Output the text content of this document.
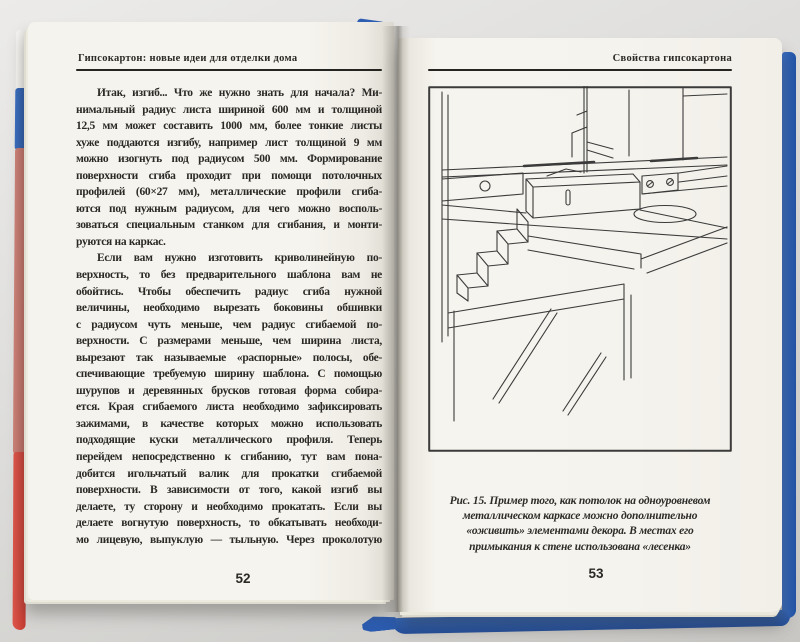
Гипсокартон: новые идеи для отделки дома
Итак, изгиб... Что же нужно знать для начала? Ми-
нимальный радиус листа шириной 600 мм и толщиной
12,5 мм может составить 1000 мм, более тонкие листы
хуже поддаются изгибу, например лист толщиной 9 мм
можно изогнуть под радиусом 500 мм. Формирование
поверхности сгиба проходит при помощи потолочных
профилей (60×27 мм), металлические профили сгиба-
ются под нужным радиусом, для чего можно восполь-
зоваться специальным станком для сгибания, и монти-
руются на каркас.
Если вам нужно изготовить криволинейную по-
верхность, то без предварительного шаблона вам не
обойтись. Чтобы обеспечить радиус сгиба нужной
величины, необходимо вырезать боковины обшивки
с радиусом чуть меньше, чем радиус сгибаемой по-
верхности. С размерами меньше, чем ширина листа,
вырезают так называемые «распорные» полосы, обе-
спечивающие требуемую ширину шаблона. С помощью
шурупов и деревянных брусков готовая форма собира-
ется. Края сгибаемого листа необходимо зафиксировать
зажимами, в качестве которых можно использовать
подходящие куски металлического профиля. Теперь
перейдем непосредственно к сгибанию, тут вам пона-
добится игольчатый валик для прокатки сгибаемой
поверхности. В зависимости от того, какой изгиб вы
делаете, ту сторону и необходимо прокатать. Если вы
делаете вогнутую поверхность, то обкатывать необходи-
мо лицевую, выпуклую — тыльную. Через проколотую
52
Свойства гипсокартона
Рис. 15. Пример того, как потолок на одноуровневом
металлическом каркасе можно дополнительно
«оживить» элементами декора. В местах его
примыкания к стене использована «лесенка»
53
